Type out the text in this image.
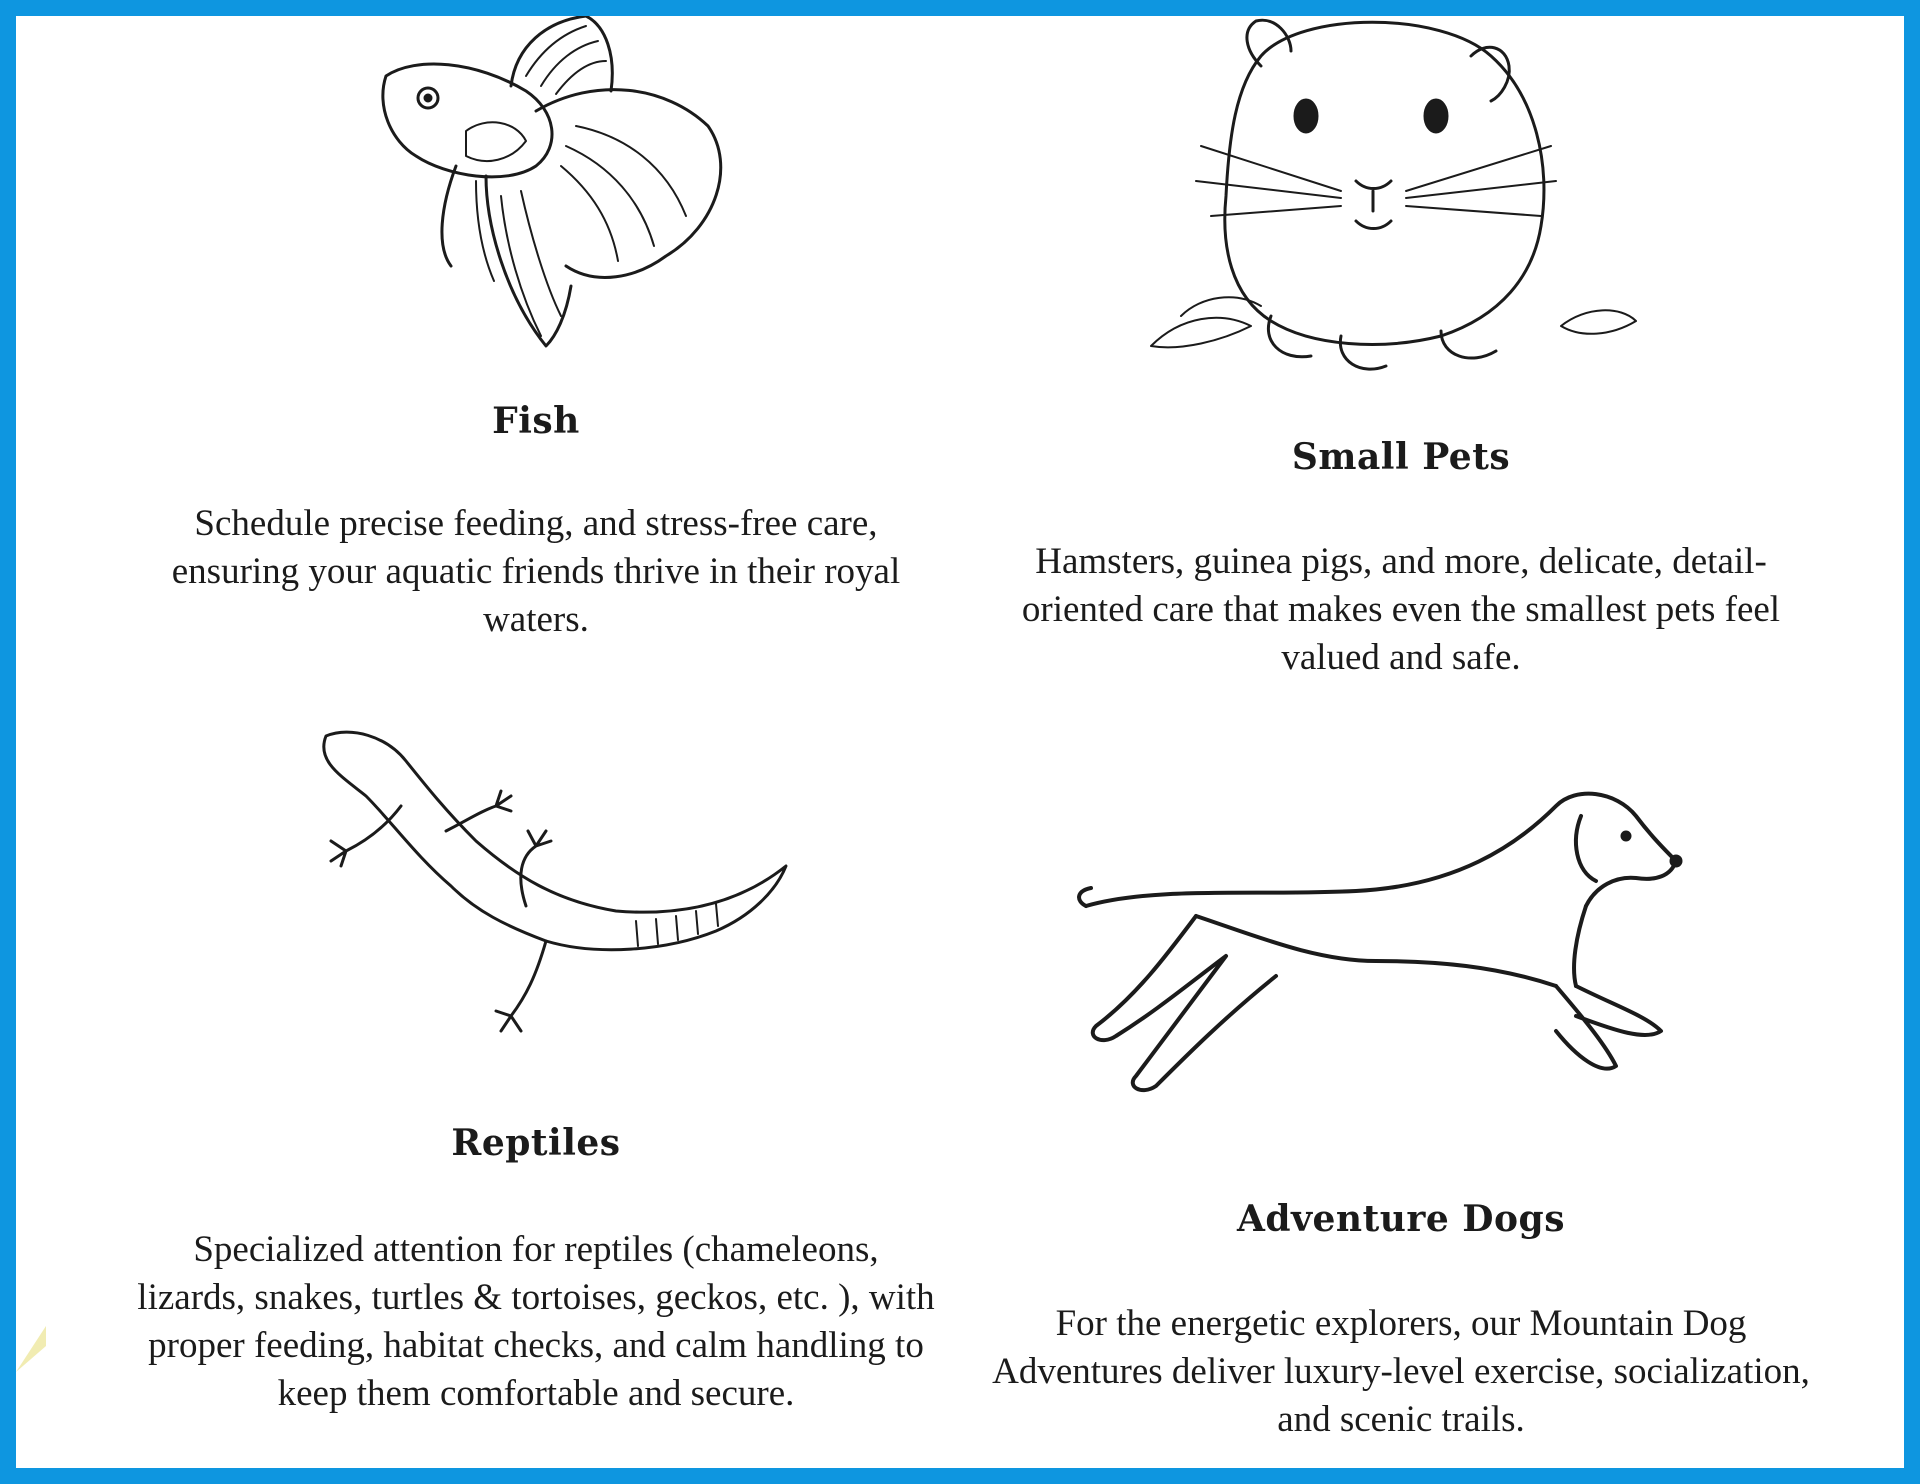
Fish
Schedule precise feeding, and stress-free care, ensuring your aquatic friends thrive in their royal waters.
Small Pets
Hamsters, guinea pigs, and more, delicate, detail-oriented care that makes even the smallest pets feel valued and safe.
Reptiles
Specialized attention for reptiles (chameleons, lizards, snakes, turtles & tortoises, geckos, etc. ), with proper feeding, habitat checks, and calm handling to keep them comfortable and secure.
Adventure Dogs
For the energetic explorers, our Mountain Dog Adventures deliver luxury-level exercise, socialization, and scenic trails.
